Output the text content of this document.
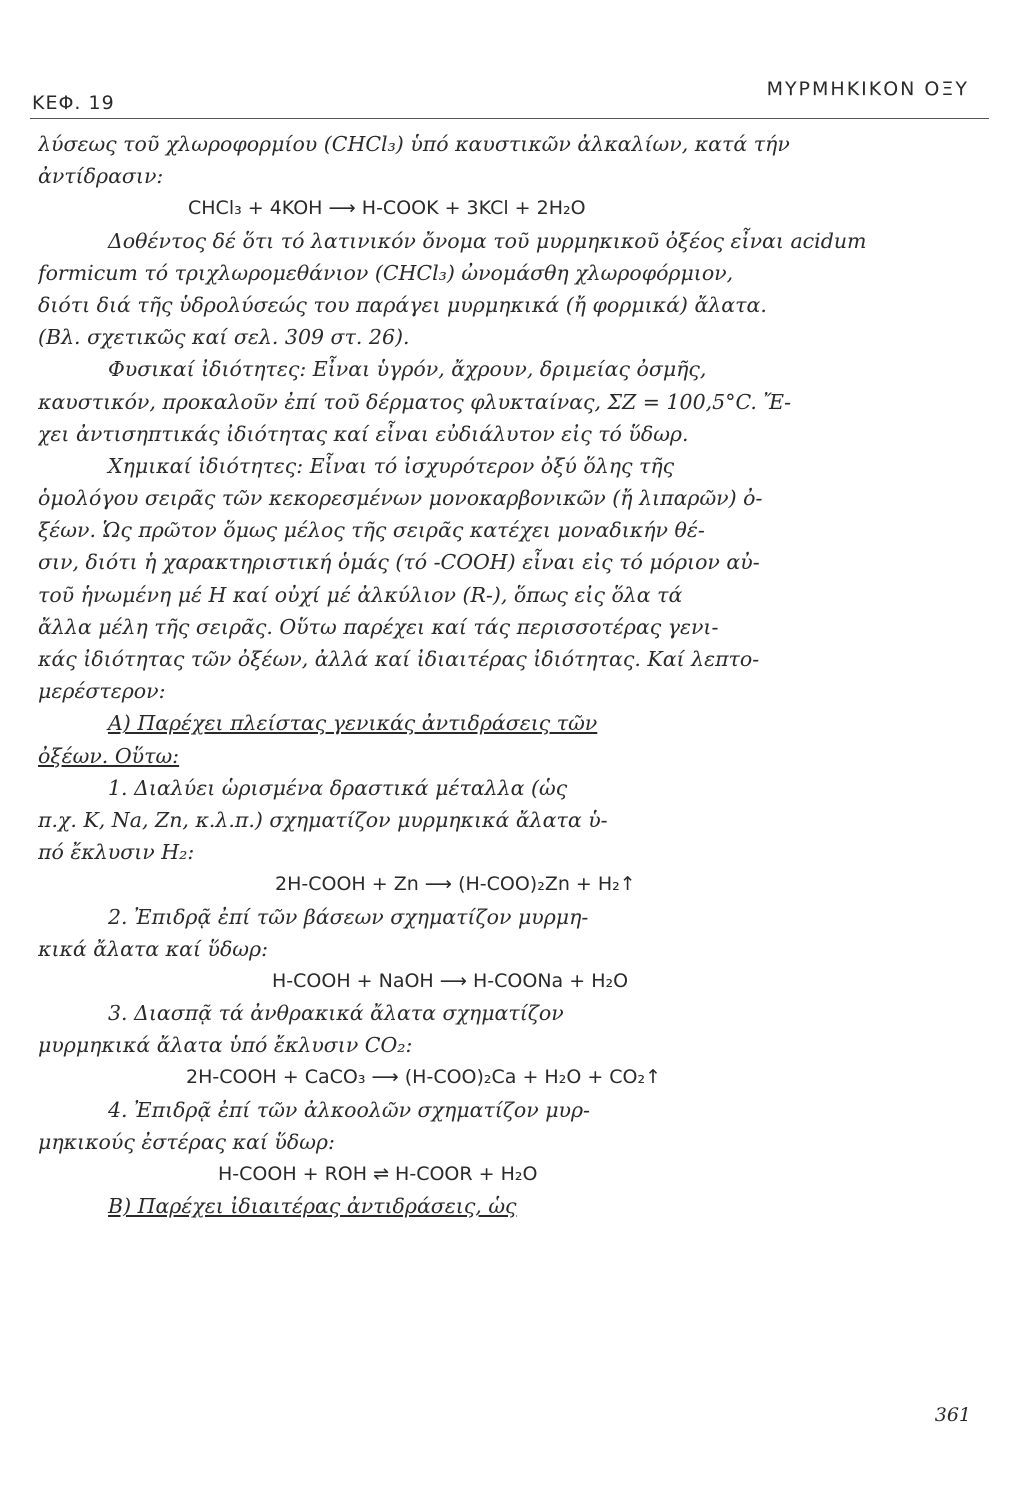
ΚΕΦ. 19
ΜΥΡΜΗΚΙΚΟΝ ΟΞΥ
λύσεως τοῦ χλωροφορμίου (CHCl₃) ὑπό καυστικῶν ἀλκαλίων, κατά τήν
ἀντίδρασιν:
CHCl₃ + 4KOH ⟶ H-COOK + 3KCl + 2H₂O
Δοθέντος δέ ὅτι τό λατινικόν ὄνομα τοῦ μυρμηκικοῦ ὀξέος εἶναι acidum
formicum τό τριχλωρομεθάνιον (CHCl₃) ὠνομάσθη χλωροφόρμιον,
διότι διά τῆς ὑδρολύσεώς του παράγει μυρμηκικά (ἤ φορμικά) ἄλατα.
(Βλ. σχετικῶς καί σελ. 309 στ. 26).
Φυσικαί ἰδιότητες: Εἶναι ὑγρόν, ἄχρουν, δριμείας ὀσμῆς,
καυστικόν, προκαλοῦν ἐπί τοῦ δέρματος φλυκταίνας, ΣΖ = 100,5°C. Ἔ-
χει ἀντισηπτικάς ἰδιότητας καί εἶναι εὐδιάλυτον εἰς τό ὕδωρ.
Χημικαί ἰδιότητες: Εἶναι τό ἰσχυρότερον ὀξύ ὅλης τῆς
ὁμολόγου σειρᾶς τῶν κεκορεσμένων μονοκαρβονικῶν (ἤ λιπαρῶν) ὀ-
ξέων. Ὡς πρῶτον ὅμως μέλος τῆς σειρᾶς κατέχει μοναδικήν θέ-
σιν, διότι ἡ χαρακτηριστική ὁμάς (τό -COOH) εἶναι εἰς τό μόριον αὐ-
τοῦ ἡνωμένη μέ H καί οὐχί μέ ἀλκύλιον (R-), ὅπως εἰς ὅλα τά
ἄλλα μέλη τῆς σειρᾶς. Οὕτω παρέχει καί τάς περισσοτέρας γενι-
κάς ἰδιότητας τῶν ὀξέων, ἀλλά καί ἰδιαιτέρας ἰδιότητας. Καί λεπτο-
μερέστερον:
Α) Παρέχει πλείστας γενικάς ἀντιδράσεις τῶν
ὀξέων. Οὕτω:
1. Διαλύει ὡρισμένα δραστικά μέταλλα (ὡς
π.χ. K, Na, Zn, κ.λ.π.) σχηματίζον μυρμηκικά ἄλατα ὑ-
πό ἔκλυσιν H₂:
2H-COOH + Zn ⟶ (H-COO)₂Zn + H₂↑
2. Ἐπιδρᾷ ἐπί τῶν βάσεων σχηματίζον μυρμη-
κικά ἄλατα καί ὕδωρ:
H-COOH + NaOH ⟶ H-COONa + H₂O
3. Διασπᾷ τά ἀνθρακικά ἄλατα σχηματίζον
μυρμηκικά ἄλατα ὑπό ἔκλυσιν CO₂:
2H-COOH + CaCO₃ ⟶ (H-COO)₂Ca + H₂O + CO₂↑
4. Ἐπιδρᾷ ἐπί τῶν ἀλκοολῶν σχηματίζον μυρ-
μηκικούς ἐστέρας καί ὕδωρ:
H-COOH + ROH ⇌ H-COOR + H₂O
Β) Παρέχει ἰδιαιτέρας ἀντιδράσεις, ὡς
361
